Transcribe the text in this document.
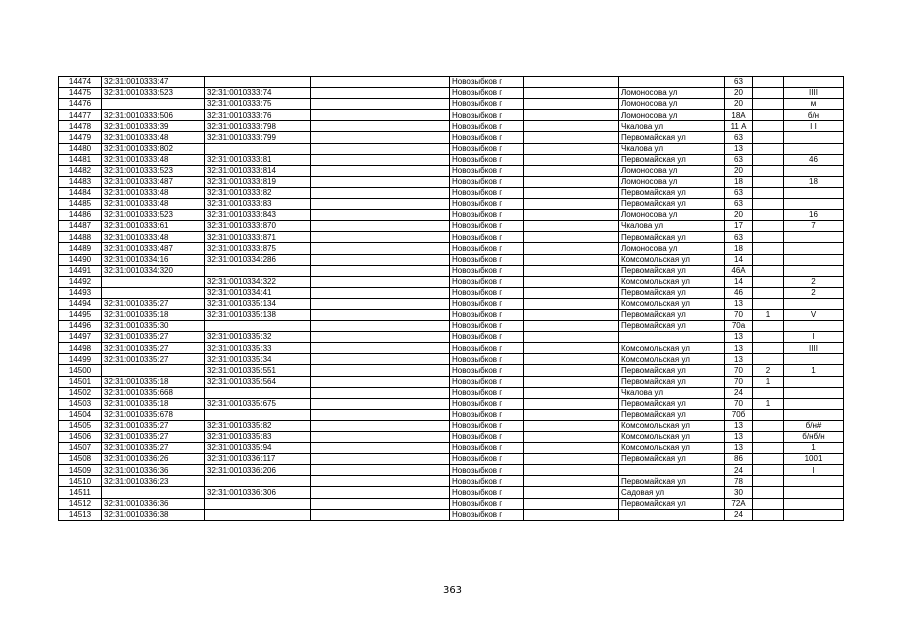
14474	32:31:0010333:47			Новозыбков г			63		
14475	32:31:0010333:523	32:31:0010333:74		Новозыбков г		Ломоносова ул	20		IIII
14476		32:31:0010333:75		Новозыбков г		Ломоносова ул	20		м
14477	32:31:0010333:506	32:31:0010333:76		Новозыбков г		Ломоносова ул	18А		б/н
14478	32:31:0010333:39	32:31:0010333:798		Новозыбков г		Чкалова ул	11 А		I I
14479	32:31:0010333:48	32:31:0010333:799		Новозыбков г		Первомайская ул	63		
14480	32:31:0010333:802			Новозыбков г		Чкалова ул	13		
14481	32:31:0010333:48	32:31:0010333:81		Новозыбков г		Первомайская ул	63		46
14482	32:31:0010333:523	32:31:0010333:814		Новозыбков г		Ломоносова ул	20		
14483	32:31:0010333:487	32:31:0010333:819		Новозыбков г		Ломоносова ул	18		18
14484	32:31:0010333:48	32:31:0010333:82		Новозыбков г		Первомайская ул	63		
14485	32:31:0010333:48	32:31:0010333:83		Новозыбков г		Первомайская ул	63		
14486	32:31:0010333:523	32:31:0010333:843		Новозыбков г		Ломоносова ул	20		16
14487	32:31:0010333:61	32:31:0010333:870		Новозыбков г		Чкалова ул	17		7
14488	32:31:0010333:48	32:31:0010333:871		Новозыбков г		Первомайская ул	63		
14489	32:31:0010333:487	32:31:0010333:875		Новозыбков г		Ломоносова ул	18		
14490	32:31:0010334:16	32:31:0010334:286		Новозыбков г		Комсомольская ул	14		
14491	32:31:0010334:320			Новозыбков г		Первомайская ул	46А		
14492		32:31:0010334:322		Новозыбков г		Комсомольская ул	14		2
14493		32:31:0010334:41		Новозыбков г		Первомайская ул	46		2
14494	32:31:0010335:27	32:31:0010335:134		Новозыбков г		Комсомольская ул	13		
14495	32:31:0010335:18	32:31:0010335:138		Новозыбков г		Первомайская ул	70	1	V
14496	32:31:0010335:30			Новозыбков г		Первомайская ул	70а		
14497	32:31:0010335:27	32:31:0010335:32		Новозыбков г			13		I
14498	32:31:0010335:27	32:31:0010335:33		Новозыбков г		Комсомольская ул	13		IIII
14499	32:31:0010335:27	32:31:0010335:34		Новозыбков г		Комсомольская ул	13		
14500		32:31:0010335:551		Новозыбков г		Первомайская ул	70	2	1
14501	32:31:0010335:18	32:31:0010335:564		Новозыбков г		Первомайская ул	70	1	
14502	32:31:0010335:668			Новозыбков г		Чкалова ул	24		
14503	32:31:0010335:18	32:31:0010335:675		Новозыбков г		Первомайская ул	70	1	
14504	32:31:0010335:678			Новозыбков г		Первомайская ул	70б		
14505	32:31:0010335:27	32:31:0010335:82		Новозыбков г		Комсомольская ул	13		б/н#
14506	32:31:0010335:27	32:31:0010335:83		Новозыбков г		Комсомольская ул	13		б/нб/н
14507	32:31:0010335:27	32:31:0010335:94		Новозыбков г		Комсомольская ул	13		1
14508	32:31:0010336:26	32:31:0010336:117		Новозыбков г		Первомайская ул	86		1001
14509	32:31:0010336:36	32:31:0010336:206		Новозыбков г			24		I
14510	32:31:0010336:23			Новозыбков г		Первомайская ул	78		
14511		32:31:0010336:306		Новозыбков г		Садовая ул	30		
14512	32:31:0010336:36			Новозыбков г		Первомайская ул	72А		
14513	32:31:0010336:38			Новозыбков г			24		
363
